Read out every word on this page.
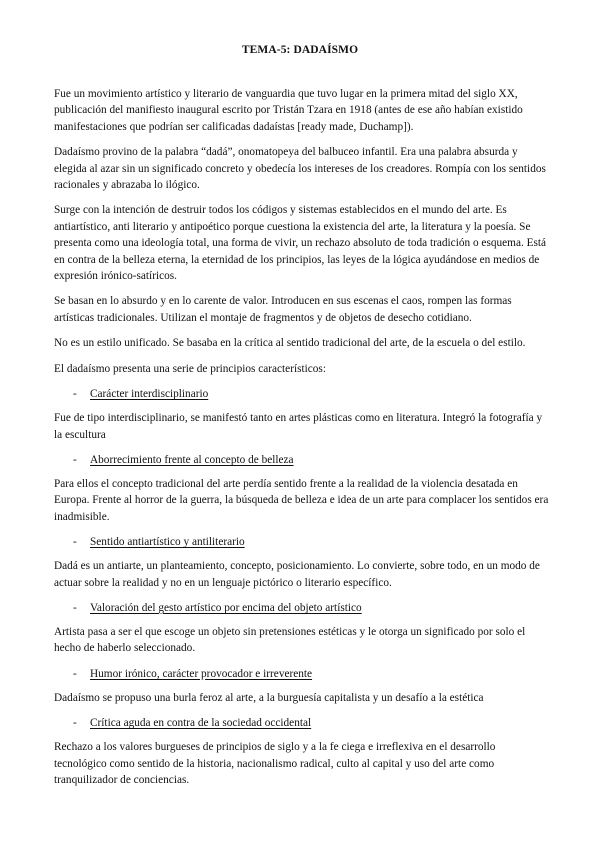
TEMA-5: DADAÍSMO

Fue un movimiento artístico y literario de vanguardia que tuvo lugar en la primera mitad del siglo XX, publicación del manifiesto inaugural escrito por Tristán Tzara en 1918 (antes de ese año habían existido manifestaciones que podrían ser calificadas dadaístas [ready made, Duchamp]).

Dadaísmo provino de la palabra “dadá”, onomatopeya del balbuceo infantil. Era una palabra absurda y elegida al azar sin un significado concreto y obedecía los intereses de los creadores. Rompía con los sentidos racionales y abrazaba lo ilógico.

Surge con la intención de destruir todos los códigos y sistemas establecidos en el mundo del arte. Es antiartístico, anti literario y antipoético porque cuestiona la existencia del arte, la literatura y la poesía. Se presenta como una ideología total, una forma de vivir, un rechazo absoluto de toda tradición o esquema. Está en contra de la belleza eterna, la eternidad de los principios, las leyes de la lógica ayudándose en medios de expresión irónico-satíricos.

Se basan en lo absurdo y en lo carente de valor. Introducen en sus escenas el caos, rompen las formas artísticas tradicionales. Utilizan el montaje de fragmentos y de objetos de desecho cotidiano.

No es un estilo unificado. Se basaba en la crítica al sentido tradicional del arte, de la escuela o del estilo.

El dadaísmo presenta una serie de principios característicos:

- Carácter interdisciplinario

Fue de tipo interdisciplinario, se manifestó tanto en artes plásticas como en literatura. Integró la fotografía y la escultura

- Aborrecimiento frente al concepto de belleza

Para ellos el concepto tradicional del arte perdía sentido frente a la realidad de la violencia desatada en Europa. Frente al horror de la guerra, la búsqueda de belleza e idea de un arte para complacer los sentidos era inadmisible.

- Sentido antiartístico y antiliterario

Dadá es un antiarte, un planteamiento, concepto, posicionamiento. Lo convierte, sobre todo, en un modo de actuar sobre la realidad y no en un lenguaje pictórico o literario específico.

- Valoración del gesto artístico por encima del objeto artístico

Artista pasa a ser el que escoge un objeto sin pretensiones estéticas y le otorga un significado por solo el hecho de haberlo seleccionado.

- Humor irónico, carácter provocador e irreverente

Dadaísmo se propuso una burla feroz al arte, a la burguesía capitalista y un desafío a la estética

- Crítica aguda en contra de la sociedad occidental

Rechazo a los valores burgueses de principios de siglo y a la fe ciega e irreflexiva en el desarrollo tecnológico como sentido de la historia, nacionalismo radical, culto al capital y uso del arte como tranquilizador de conciencias.
